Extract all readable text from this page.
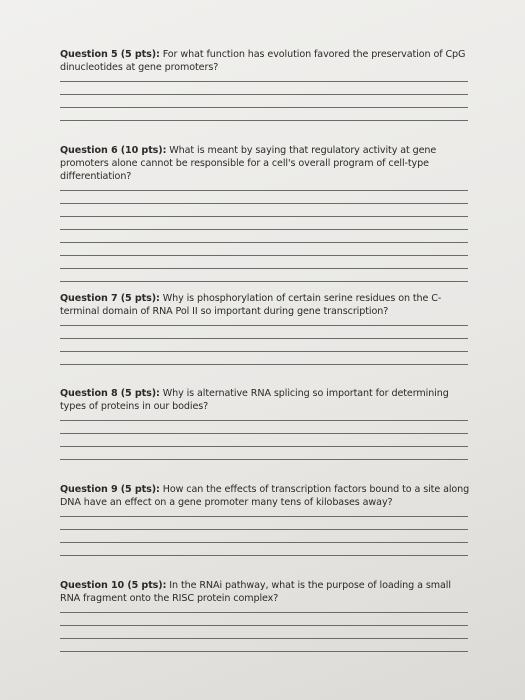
Question 5 (5 pts): For what function has evolution favored the preservation of CpG dinucleotides at gene promoters?
Question 6 (10 pts): What is meant by saying that regulatory activity at gene promoters alone cannot be responsible for a cell's overall program of cell-type differentiation?
Question 7 (5 pts): Why is phosphorylation of certain serine residues on the C-terminal domain of RNA Pol II so important during gene transcription?
Question 8 (5 pts): Why is alternative RNA splicing so important for determining types of proteins in our bodies?
Question 9 (5 pts): How can the effects of transcription factors bound to a site along DNA have an effect on a gene promoter many tens of kilobases away?
Question 10 (5 pts): In the RNAi pathway, what is the purpose of loading a small RNA fragment onto the RISC protein complex?
